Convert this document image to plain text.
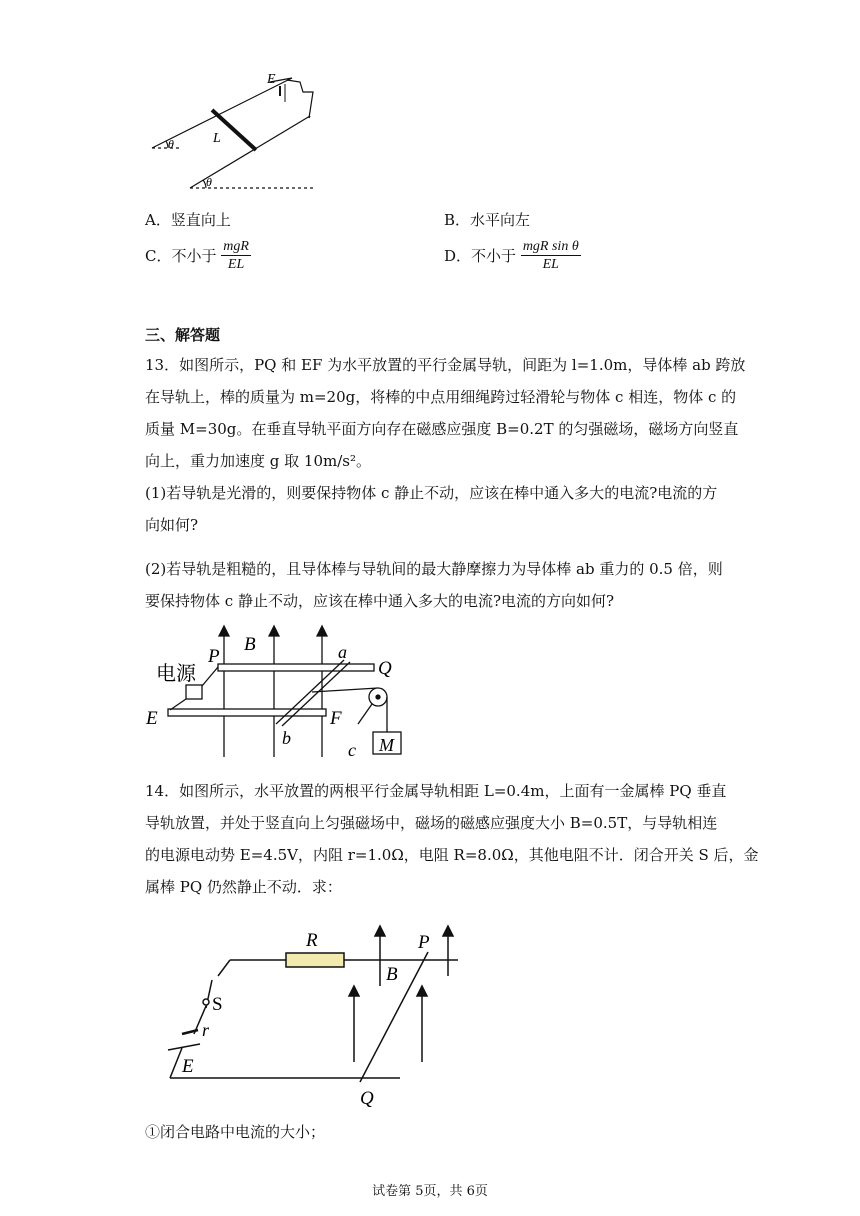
E
L
θ
θ
A．竖直向上	B．水平向左
C．不小于 $\frac{\text{mgR}}{EL}$	D．不小于 $\frac{\text{mgR sin θ}}{EL}$
三、解答题
13．如图所示，PQ 和 EF 为水平放置的平行金属导轨，间距为 l=1.0m，导体棒 ab 跨放
在导轨上，棒的质量为 m=20g，将棒的中点用细绳跨过轻滑轮与物体 c 相连，物体 c 的
质量 M=30g。在垂直导轨平面方向存在磁感应强度 B=0.2T 的匀强磁场，磁场方向竖直
向上，重力加速度 g 取 10m/s²。
(1)若导轨是光滑的，则要保持物体 c 静止不动，应该在棒中通入多大的电流?电流的方
向如何?
(2)若导轨是粗糙的，且导体棒与导轨间的最大静摩擦力为导体棒 ab 重力的 0.5 倍，则
要保持物体 c 静止不动，应该在棒中通入多大的电流?电流的方向如何?
P
B	a
Q
电源
E	F
b
c M
14．如图所示，水平放置的两根平行金属导轨相距 L=0.4m，上面有一金属棒 PQ 垂直
导轨放置，并处于竖直向上匀强磁场中，磁场的磁感应强度大小 B=0.5T，与导轨相连
的电源电动势 E=4.5V，内阻 r=1.0Ω，电阻 R=8.0Ω，其他电阻不计．闭合开关 S 后，金
属棒 PQ 仍然静止不动．求：
R	P
B
S
r
E
Q
①闭合电路中电流的大小；
试卷第 5页，共 6页
